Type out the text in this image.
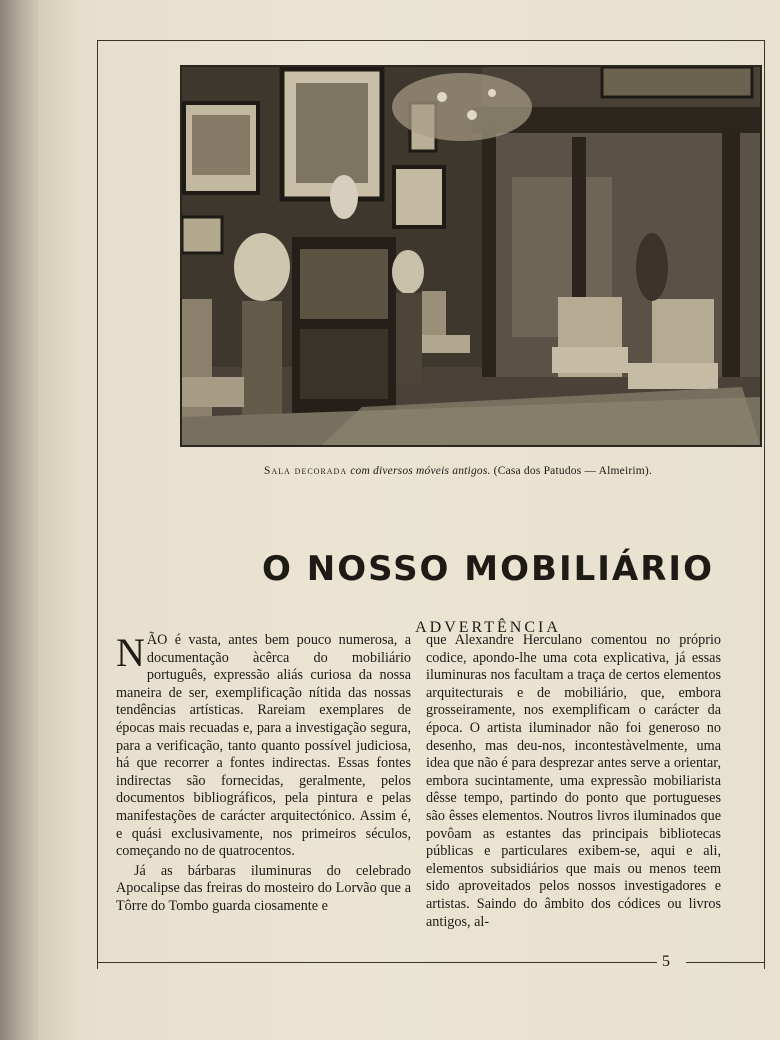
Sala decorada com diversos móveis antigos. (Casa dos Patudos — Almeirim).
O NOSSO MOBILIÁRIO
ADVERTÊNCIA

NÃO é vasta, antes bem pouco numerosa, a documentação àcêrca do mobiliário português, expressão aliás curiosa da nossa maneira de ser, exemplificação nítida das nossas tendências artísticas. Rareiam exemplares de épocas mais recuadas e, para a investigação segura, para a verificação, tanto quanto possível judiciosa, há que recorrer a fontes indirectas. Essas fontes indirectas são fornecidas, geralmente, pelos documentos bibliográficos, pela pintura e pelas manifestações de carácter arquitectónico. Assim é, e quási exclusivamente, nos primeiros séculos, começando no de quatrocentos.

Já as bárbaras iluminuras do celebrado Apocalipse das freiras do mosteiro do Lorvão que a Tôrre do Tombo guarda ciosamente e

que Alexandre Herculano comentou no próprio codice, apondo-lhe uma cota explicativa, já essas iluminuras nos facultam a traça de certos elementos arquitecturais e de mobiliário, que, embora grosseiramente, nos exemplificam o carácter da época. O artista iluminador não foi generoso no desenho, mas deu-nos, incontestàvelmente, uma idea que não é para desprezar antes serve a orientar, embora sucintamente, uma expressão mobiliarista dêsse tempo, partindo do ponto que portugueses são êsses elementos. Noutros livros iluminados que povôam as estantes das principais bibliotecas públicas e particulares exibem-se, aqui e ali, elementos subsidiários que mais ou menos teem sido aproveitados pelos nossos investigadores e artistas. Saindo do âmbito dos códices ou livros antigos, al-

5
